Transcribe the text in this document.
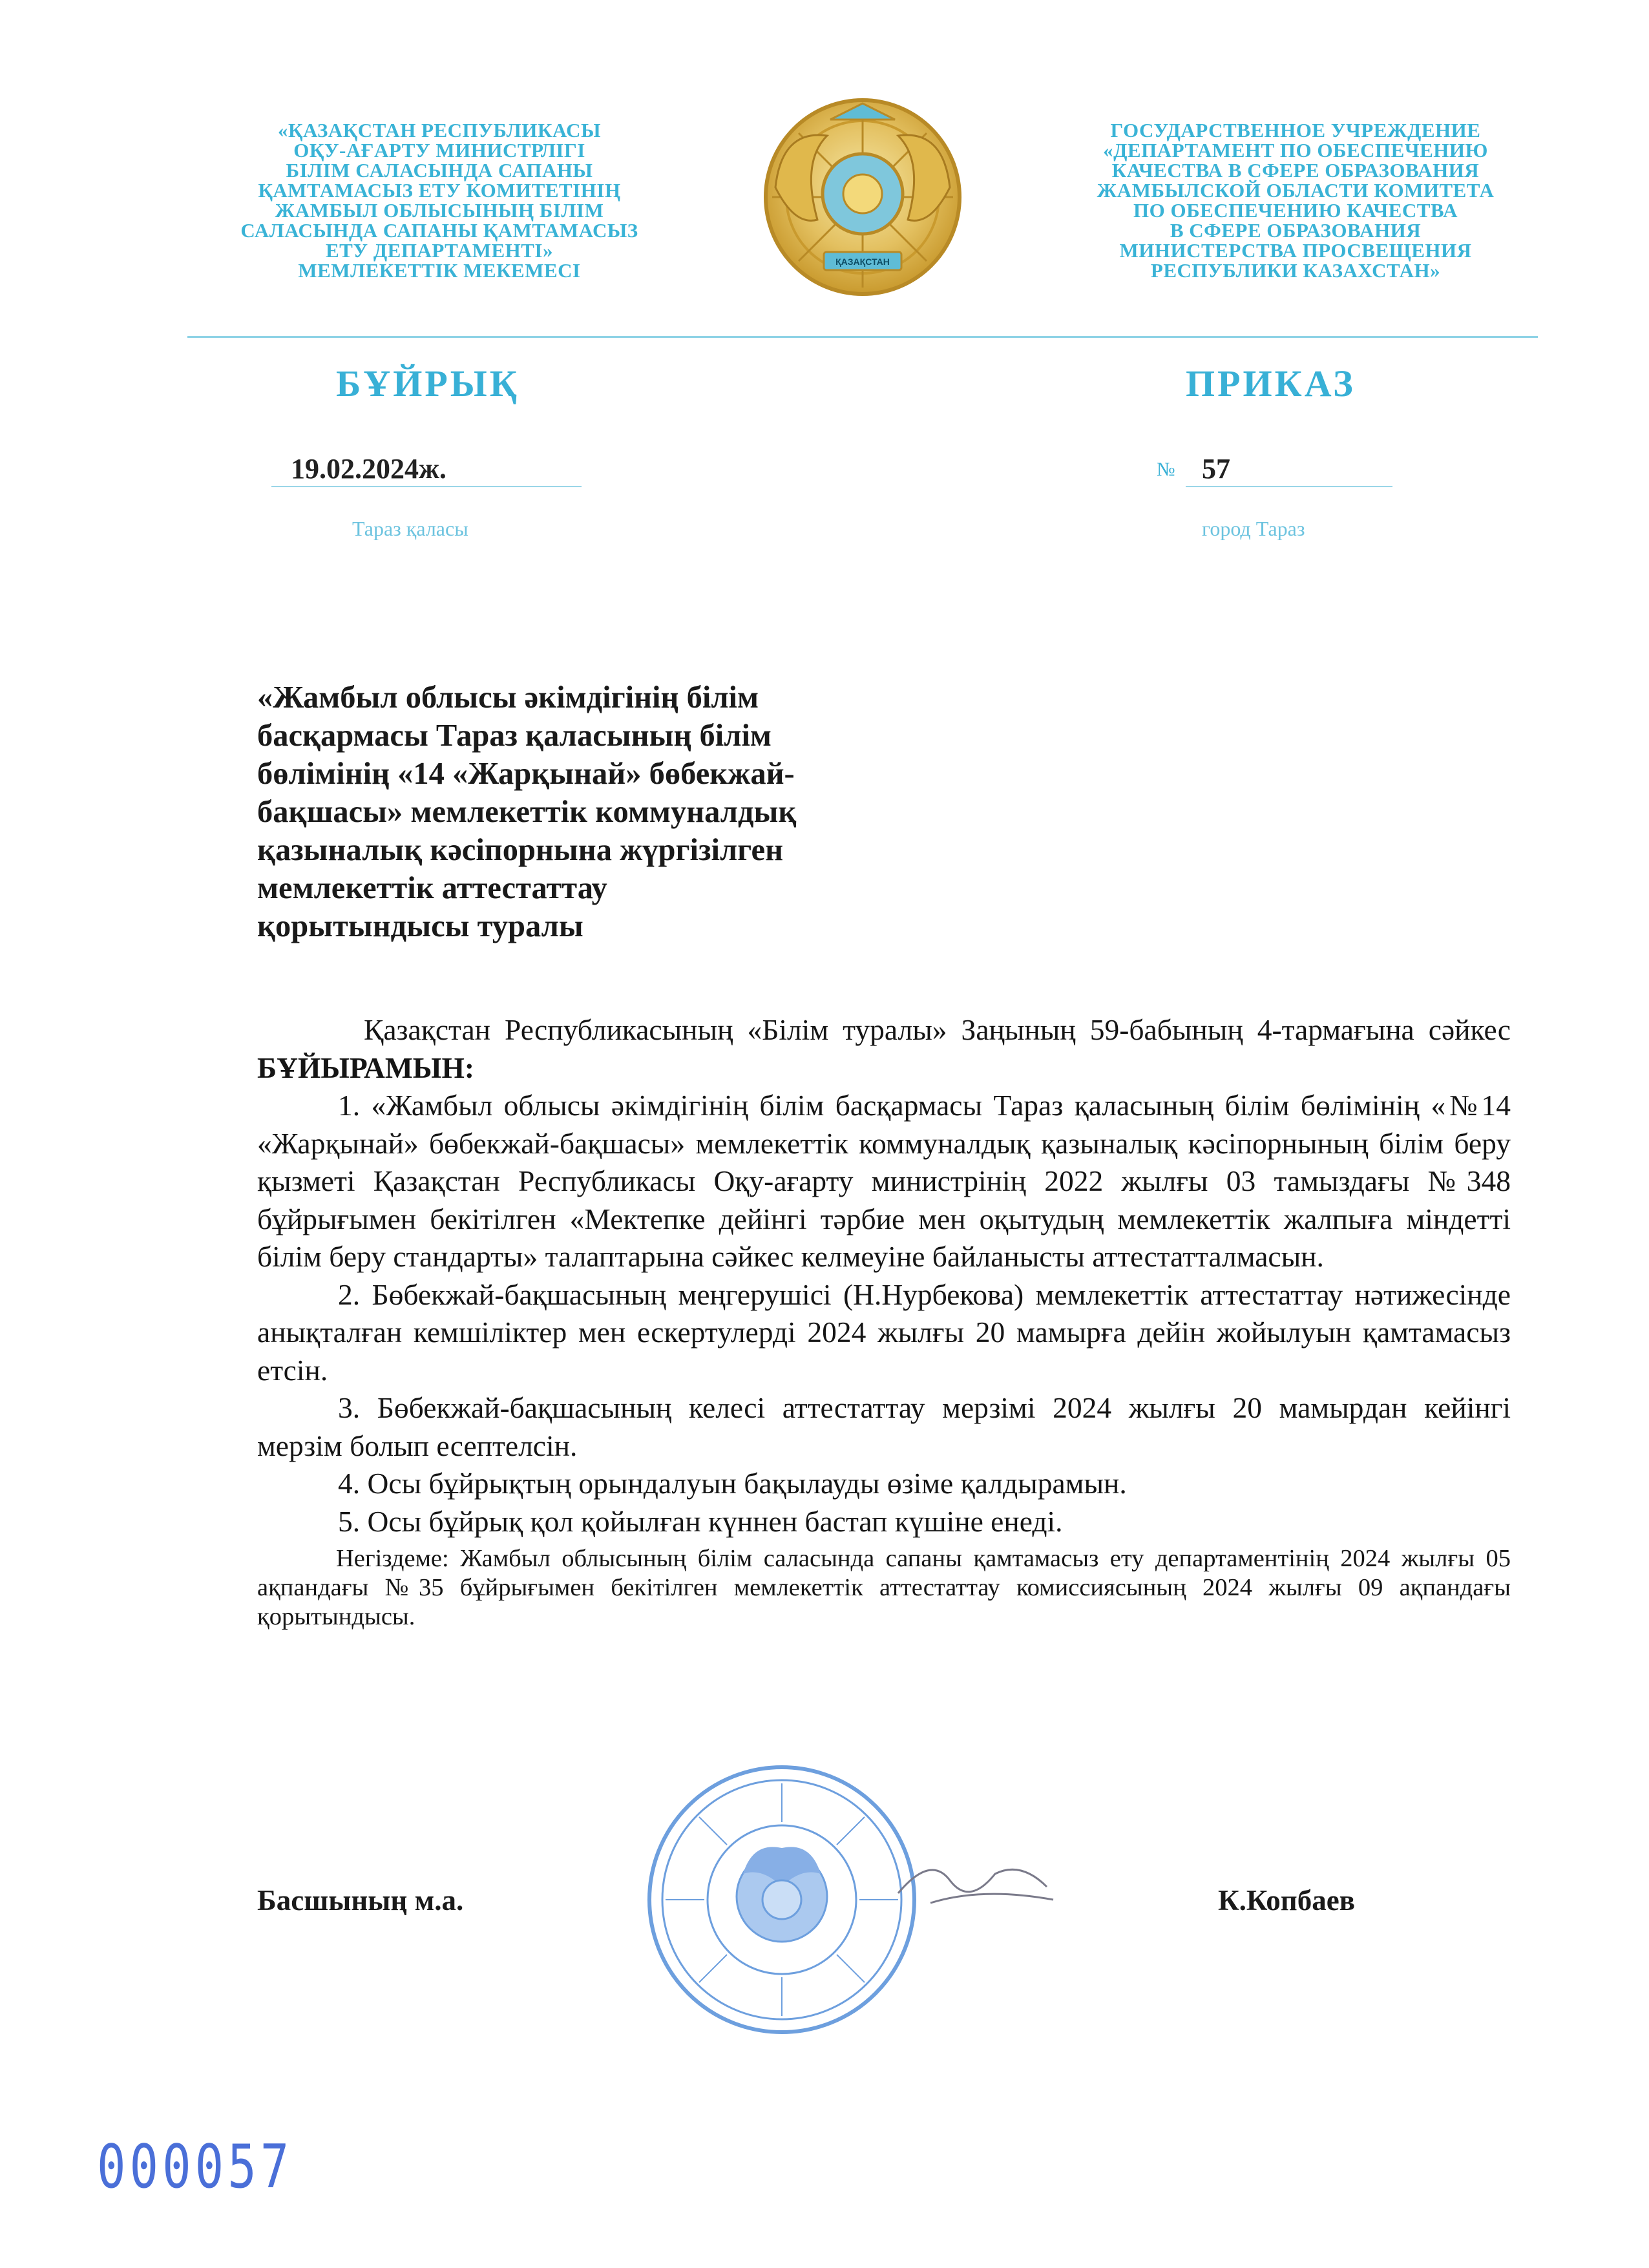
«ҚАЗАҚСТАН РЕСПУБЛИКАСЫ
ОҚУ-АҒАРТУ МИНИСТРЛІГІ
БІЛІМ САЛАСЫНДА САПАНЫ
ҚАМТАМАСЫЗ ЕТУ КОМИТЕТІНІҢ
ЖАМБЫЛ ОБЛЫСЫНЫҢ БІЛІМ
САЛАСЫНДА САПАНЫ ҚАМТАМАСЫЗ
ЕТУ ДЕПАРТАМЕНТІ»
МЕМЛЕКЕТТІК МЕКЕМЕСІ	ҚАЗАҚСТАН
ГОСУДАРСТВЕННОЕ УЧРЕЖДЕНИЕ
«ДЕПАРТАМЕНТ ПО ОБЕСПЕЧЕНИЮ
КАЧЕСТВА В СФЕРЕ ОБРАЗОВАНИЯ
ЖАМБЫЛСКОЙ ОБЛАСТИ КОМИТЕТА
ПО ОБЕСПЕЧЕНИЮ КАЧЕСТВА
В СФЕРЕ ОБРАЗОВАНИЯ
МИНИСТЕРСТВА ПРОСВЕЩЕНИЯ
РЕСПУБЛИКИ КАЗАХСТАН»
БҰЙРЫҚ	ПРИКАЗ
19.02.2024ж.	№ 57
Тараз қаласы	город Тараз
«Жамбыл облысы әкімдігінің білім
басқармасы Тараз қаласының білім
бөлімінің «14 «Жарқынай» бөбекжай-
бақшасы» мемлекеттік коммуналдық
қазыналық кәсіпорнына жүргізілген
мемлекеттік аттестаттау
қорытындысы туралы

Қазақстан Республикасының «Білім туралы» Заңының 59-бабының 4-тармағына сәйкес БҰЙЫРАМЫН:

1. «Жамбыл облысы әкімдігінің білім басқармасы Тараз қаласының білім бөлімінің «№14 «Жарқынай» бөбекжай-бақшасы» мемлекеттік коммуналдық қазыналық кәсіпорнының білім беру қызметі Қазақстан Республикасы Оқу-ағарту министрінің 2022 жылғы 03 тамыздағы №348 бұйрығымен бекітілген «Мектепке дейінгі тәрбие мен оқытудың мемлекеттік жалпыға міндетті білім беру стандарты» талаптарына сәйкес келмеуіне байланысты аттестатталмасын.

2. Бөбекжай-бақшасының меңгерушісі (Н.Нурбекова) мемлекеттік аттестаттау нәтижесінде анықталған кемшіліктер мен ескертулерді 2024 жылғы 20 мамырға дейін жойылуын қамтамасыз етсін.

3. Бөбекжай-бақшасының келесі аттестаттау мерзімі 2024 жылғы 20 мамырдан кейінгі мерзім болып есептелсін.

4. Осы бұйрықтың орындалуын бақылауды өзіме қалдырамын.

5. Осы бұйрық қол қойылған күннен бастап күшіне енеді.

Негіздеме: Жамбыл облысының білім саласында сапаны қамтамасыз ету департаментінің 2024 жылғы 05 ақпандағы №35 бұйрығымен бекітілген мемлекеттік аттестаттау комиссиясының 2024 жылғы 09 ақпандағы қорытындысы.

Басшының м.а.	К.Копбаев
000057
